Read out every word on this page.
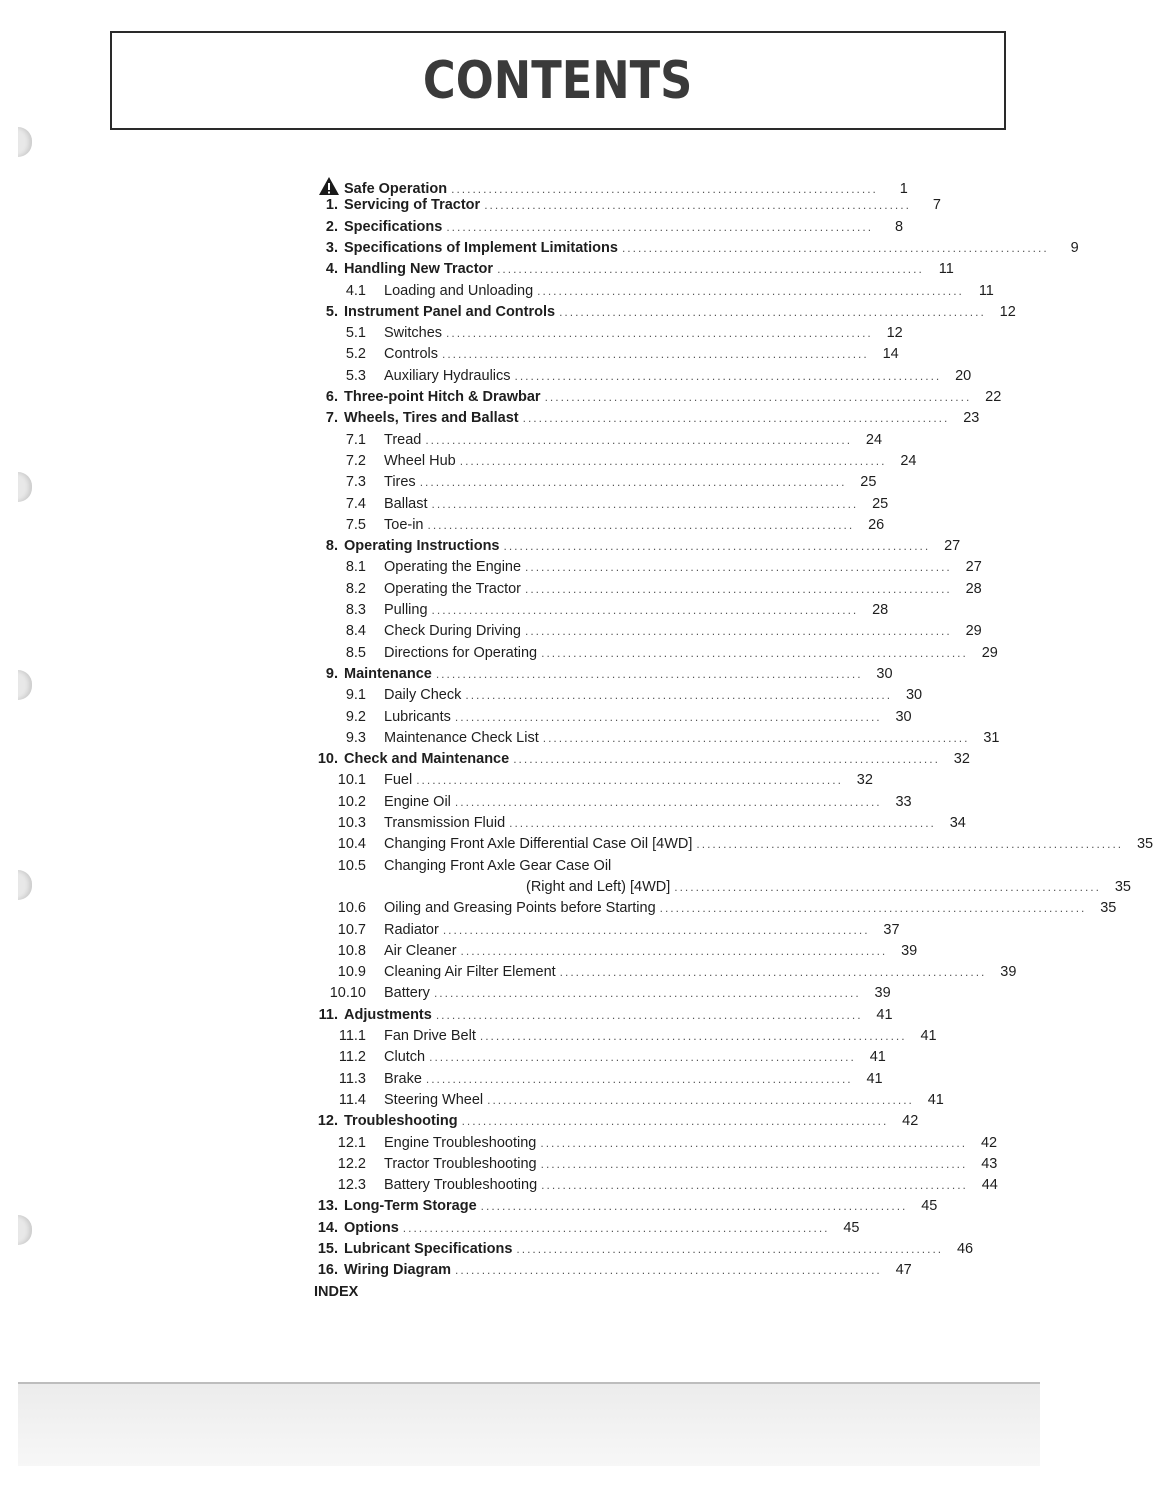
CONTENTS
Safe Operation ................................................................................	1
1. Servicing of Tractor ................................................................................	7
2. Specifications ................................................................................	8
3. Specifications of Implement Limitations ................................................................................	9
4. Handling New Tractor ................................................................................	11
4.1 Loading and Unloading ................................................................................	11
5. Instrument Panel and Controls ................................................................................ 12
5.1 Switches ................................................................................ 12
5.2 Controls ................................................................................ 14
5.3 Auxiliary Hydraulics ................................................................................ 20
6. Three-point Hitch & Drawbar ................................................................................ 22
7. Wheels, Tires and Ballast ................................................................................ 23
7.1 Tread ................................................................................ 24
7.2 Wheel Hub ................................................................................ 24
7.3 Tires ................................................................................ 25
7.4 Ballast ................................................................................ 25
7.5 Toe-in ................................................................................ 26
8. Operating Instructions ................................................................................ 27
8.1 Operating the Engine ................................................................................ 27
8.2 Operating the Tractor ................................................................................ 28
8.3 Pulling ................................................................................ 28
8.4 Check During Driving ................................................................................ 29
8.5 Directions for Operating ................................................................................ 29
9. Maintenance ................................................................................ 30
9.1 Daily Check ................................................................................ 30
9.2 Lubricants ................................................................................ 30
9.3 Maintenance Check List ................................................................................ 31
10. Check and Maintenance ................................................................................ 32
10.1 Fuel ................................................................................ 32
10.2 Engine Oil ................................................................................ 33
10.3 Transmission Fluid ................................................................................ 34
10.4 Changing Front Axle Differential Case Oil [4WD] ................................................................................ 35
10.5 Changing Front Axle Gear Case Oil
(Right and Left) [4WD] ................................................................................ 35
10.6 Oiling and Greasing Points before Starting ................................................................................ 35
10.7 Radiator ................................................................................ 37
10.8 Air Cleaner ................................................................................ 39
10.9 Cleaning Air Filter Element ................................................................................ 39
10.10 Battery ................................................................................ 39
11. Adjustments ................................................................................ 41
11.1 Fan Drive Belt ................................................................................ 41
11.2 Clutch ................................................................................ 41
11.3 Brake ................................................................................ 41
11.4 Steering Wheel ................................................................................ 41
12. Troubleshooting ................................................................................ 42
12.1 Engine Troubleshooting ................................................................................ 42
12.2 Tractor Troubleshooting ................................................................................ 43
12.3 Battery Troubleshooting ................................................................................ 44
13. Long-Term Storage ................................................................................ 45
14. Options ................................................................................ 45
15. Lubricant Specifications ................................................................................ 46
16. Wiring Diagram ................................................................................ 47
INDEX
